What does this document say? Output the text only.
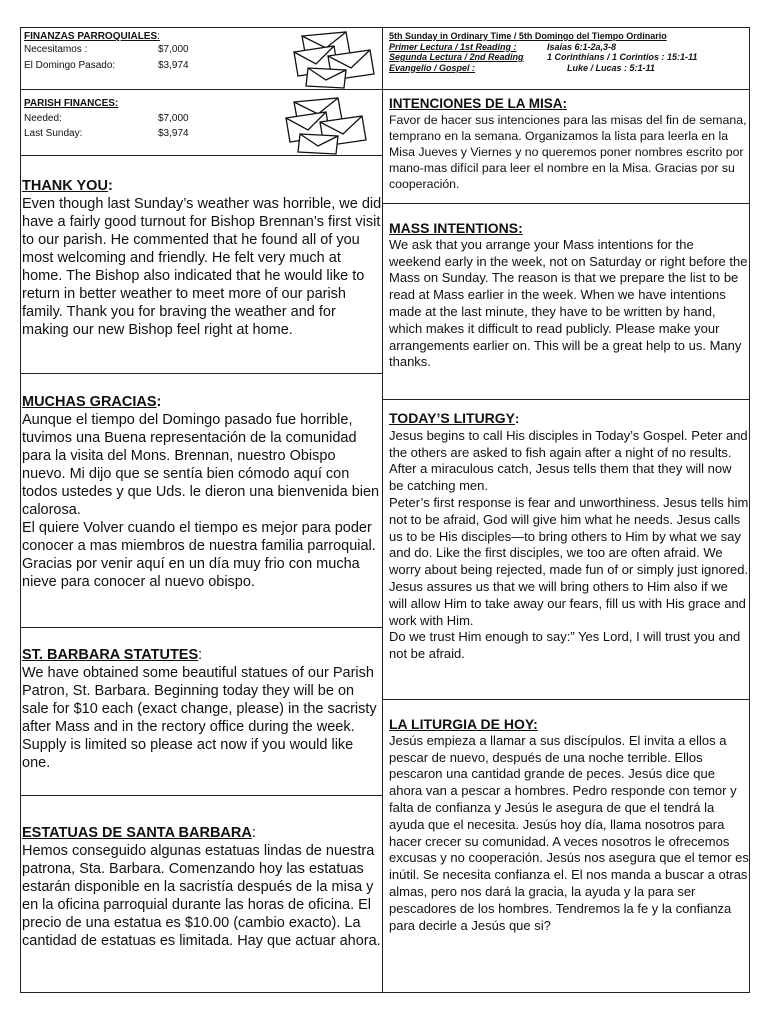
FINANZAS PARROQUIALES:
Necesitamos :	$7,000
El Domingo Pasado:	$3,974
PARISH FINANCES:
Needed:	$7,000
Last Sunday:	$3,974
THANK YOU:

Even though last Sunday’s weather was horrible, we did have a fairly good turnout for Bishop Brennan’s first visit to our parish. He commented that he found all of you most welcoming and friendly. He felt very much at home. The Bishop also indicated that he would like to return in better weather to meet more of our parish family. Thank you for braving the weather and for making our new Bishop feel right at home.

MUCHAS GRACIAS:

Aunque el tiempo del Domingo pasado fue horrible, tuvimos una Buena representación de la comunidad para la visita del Mons. Brennan, nuestro Obispo nuevo. Mi dijo que se sentía bien cómodo aquí con todos ustedes y que Uds. le dieron una bienvenida bien calorosa.

El quiere Volver cuando el tiempo es mejor para poder conocer a mas miembros de nuestra familia parroquial. Gracias por venir aquí en un día muy frio con mucha nieve para conocer al nuevo obispo.

ST. BARBARA STATUTES:

We have obtained some beautiful statues of our Parish Patron, St. Barbara. Beginning today they will be on sale for $10 each (exact change, please) in the sacristy after Mass and in the rectory office during the week. Supply is limited so please act now if you would like one.

ESTATUAS DE SANTA BARBARA:

Hemos conseguido algunas estatuas lindas de nuestra patrona, Sta. Barbara. Comenzando hoy las estatuas estarán disponible en la sacristía después de la misa y en la oficina parroquial durante las horas de oficina. El precio de una estatua es $10.00 (cambio exacto). La cantidad de estatuas es limitada. Hay que actuar ahora.

5th Sunday in Ordinary Time / 5th Domingo del Tiempo Ordinario
Primer Lectura / 1st Reading :	Isaias 6:1-2a,3-8
Segunda Lectura / 2nd Reading	1 Corinthians / 1 Corintios : 15:1-11
Evangelio / Gospel :	Luke / Lucas : 5:1-11
INTENCIONES DE LA MISA:

Favor de hacer sus intenciones para las misas del fin de semana, temprano en la semana. Organizamos la lista para leerla en la Misa Jueves y Viernes y no queremos poner nombres escrito por mano-mas difícil para leer el nombre en la Misa. Gracias por su cooperación.

MASS INTENTIONS:

We ask that you arrange your Mass intentions for the weekend early in the week, not on Saturday or right before the Mass on Sunday. The reason is that we prepare the list to be read at Mass earlier in the week. When we have intentions made at the last minute, they have to be written by hand, which makes it difficult to read publicly. Please make your arrangements earlier on. This will be a great help to us. Many thanks.

TODAY’S LITURGY:

Jesus begins to call His disciples in Today’s Gospel. Peter and the others are asked to fish again after a night of no results. After a miraculous catch, Jesus tells them that they will now be catching men.

Peter’s first response is fear and unworthiness. Jesus tells him not to be afraid, God will give him what he needs. Jesus calls us to be His disciples—to bring others to Him by what we say and do. Like the first disciples, we too are often afraid. We worry about being rejected, made fun of or simply just ignored. Jesus assures us that we will bring others to Him also if we will allow Him to take away our fears, fill us with His grace and work with Him.

Do we trust Him enough to say:” Yes Lord, I will trust you and not be afraid.

LA LITURGIA DE HOY:

Jesús empieza a llamar a sus discípulos. El invita a ellos a pescar de nuevo, después de una noche terrible. Ellos pescaron una cantidad grande de peces. Jesús dice que ahora van a pescar a hombres. Pedro responde con temor y falta de confianza y Jesús le asegura de que el tendrá la ayuda que el necesita. Jesús hoy día, llama nosotros para hacer crecer su comunidad. A veces nosotros le ofrecemos excusas y no cooperación. Jesús nos asegura que el temor es inútil. Se necesita confianza el. El nos manda a buscar a otras almas, pero nos dará la gracia, la ayuda y la para ser pescadores de los hombres. Tendremos la fe y la confianza para decirle a Jesús que si?
